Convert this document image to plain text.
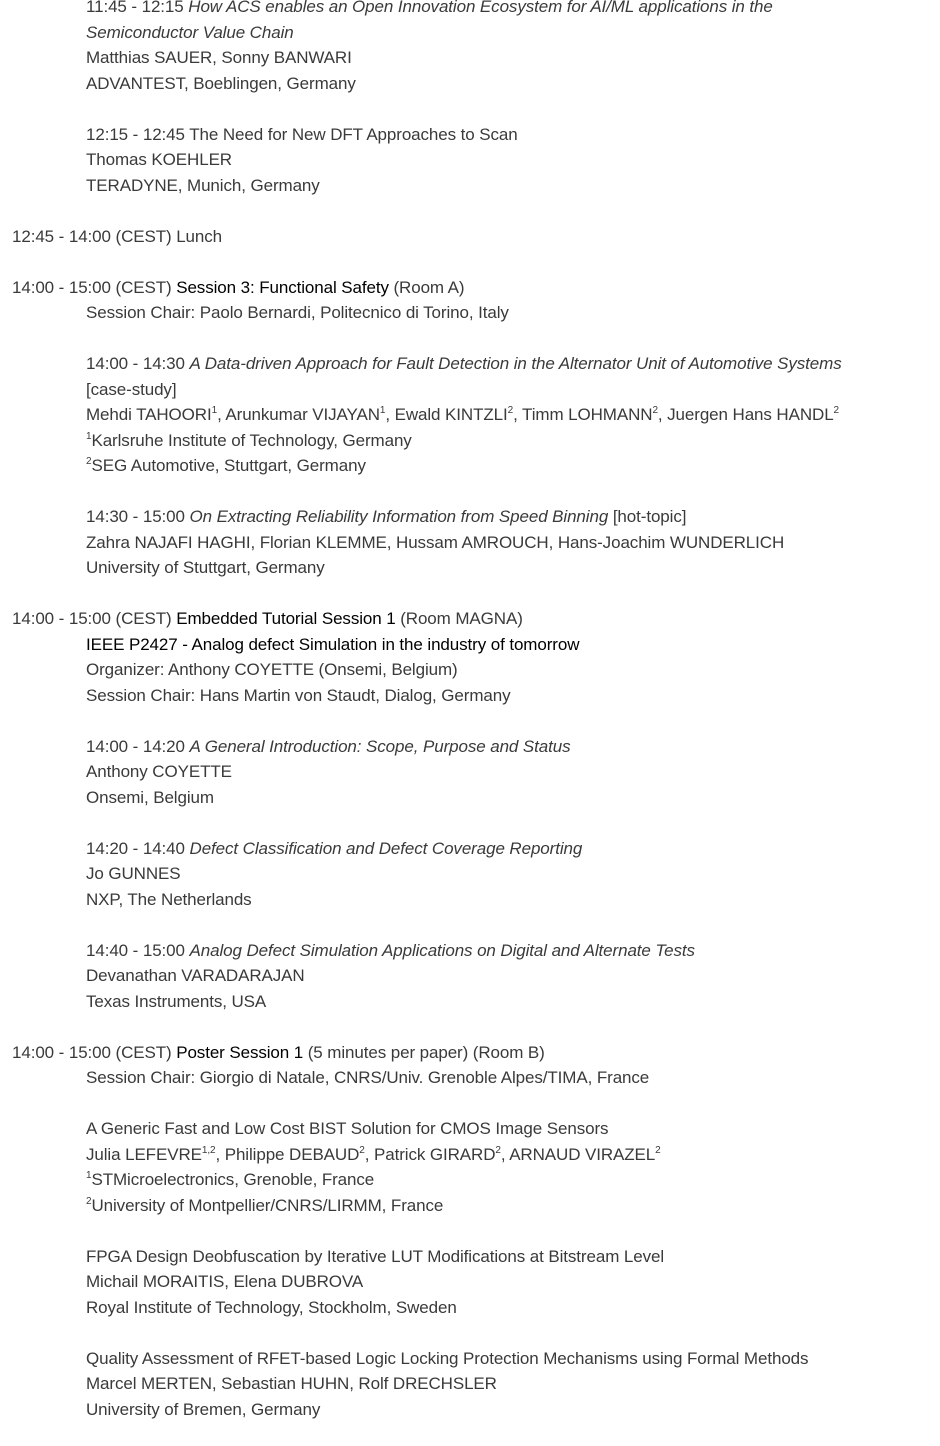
11:45 - 12:15 How ACS enables an Open Innovation Ecosystem for AI/ML applications in the
Semiconductor Value Chain
Matthias SAUER, Sonny BANWARI
ADVANTEST, Boeblingen, Germany
12:15 - 12:45 The Need for New DFT Approaches to Scan
Thomas KOEHLER
TERADYNE, Munich, Germany
12:45 - 14:00 (CEST) Lunch
14:00 - 15:00 (CEST) Session 3: Functional Safety (Room A)
Session Chair: Paolo Bernardi, Politecnico di Torino, Italy
14:00 - 14:30 A Data-driven Approach for Fault Detection in the Alternator Unit of Automotive Systems
[case-study]
Mehdi TAHOORI$^1$, Arunkumar VIJAYAN$^1$, Ewald KINTZLI$^2$, Timm LOHMANN$^2$, Juergen Hans HANDL$^2$
$^1$Karlsruhe Institute of Technology, Germany
$^2$SEG Automotive, Stuttgart, Germany
14:30 - 15:00 On Extracting Reliability Information from Speed Binning [hot-topic]
Zahra NAJAFI HAGHI, Florian KLEMME, Hussam AMROUCH, Hans-Joachim WUNDERLICH
University of Stuttgart, Germany
14:00 - 15:00 (CEST) Embedded Tutorial Session 1 (Room MAGNA)
IEEE P2427 - Analog defect Simulation in the industry of tomorrow
Organizer: Anthony COYETTE (Onsemi, Belgium)
Session Chair: Hans Martin von Staudt, Dialog, Germany
14:00 - 14:20 A General Introduction: Scope, Purpose and Status
Anthony COYETTE
Onsemi, Belgium
14:20 - 14:40 Defect Classification and Defect Coverage Reporting
Jo GUNNES
NXP, The Netherlands
14:40 - 15:00 Analog Defect Simulation Applications on Digital and Alternate Tests
Devanathan VARADARAJAN
Texas Instruments, USA
14:00 - 15:00 (CEST) Poster Session 1 (5 minutes per paper) (Room B)
Session Chair: Giorgio di Natale, CNRS/Univ. Grenoble Alpes/TIMA, France
A Generic Fast and Low Cost BIST Solution for CMOS Image Sensors
Julia LEFEVRE$^{1,2}$, Philippe DEBAUD$^2$, Patrick GIRARD$^2$, ARNAUD VIRAZEL$^2$
$^1$STMicroelectronics, Grenoble, France
$^2$University of Montpellier/CNRS/LIRMM, France
FPGA Design Deobfuscation by Iterative LUT Modifications at Bitstream Level
Michail MORAITIS, Elena DUBROVA
Royal Institute of Technology, Stockholm, Sweden
Quality Assessment of RFET-based Logic Locking Protection Mechanisms using Formal Methods
Marcel MERTEN, Sebastian HUHN, Rolf DRECHSLER
University of Bremen, Germany
